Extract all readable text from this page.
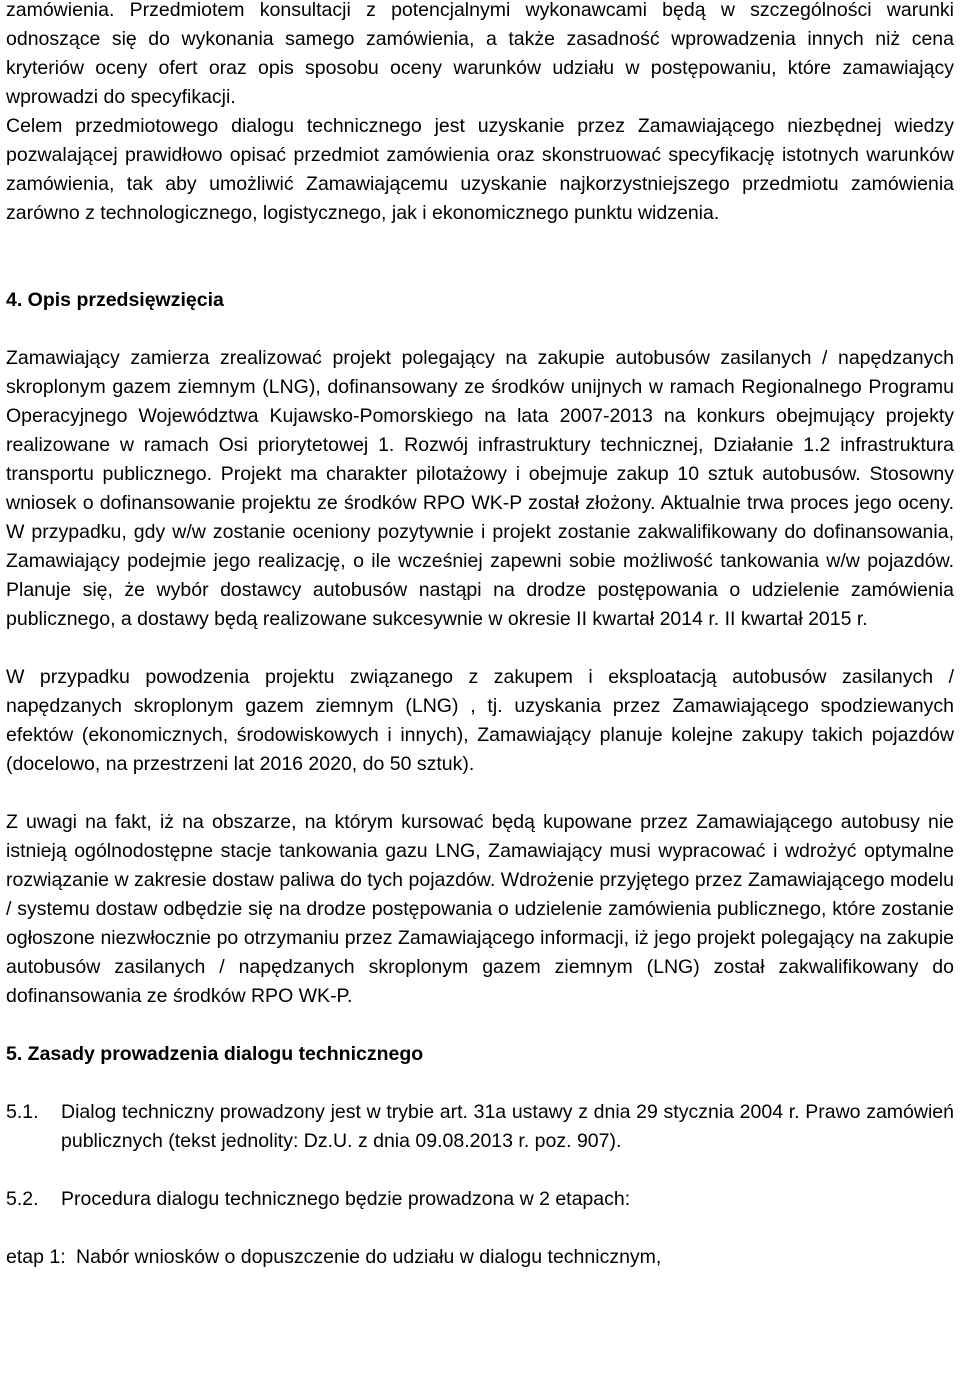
zamówienia. Przedmiotem konsultacji z potencjalnymi wykonawcami będą w szczególności warunki odnoszące się do wykonania samego zamówienia, a także zasadność wprowadzenia innych niż cena kryteriów oceny ofert oraz opis sposobu oceny warunków udziału w postępowaniu, które zamawiający wprowadzi do specyfikacji.

Celem przedmiotowego dialogu technicznego jest uzyskanie przez Zamawiającego niezbędnej wiedzy pozwalającej prawidłowo opisać przedmiot zamówienia oraz skonstruować specyfikację istotnych warunków zamówienia, tak aby umożliwić Zamawiającemu uzyskanie najkorzystniejszego przedmiotu zamówienia zarówno z technologicznego, logistycznego, jak i ekonomicznego punktu widzenia.

4. Opis przedsięwzięcia

Zamawiający zamierza zrealizować projekt polegający na zakupie autobusów zasilanych / napędzanych skroplonym gazem ziemnym (LNG), dofinansowany ze środków unijnych w ramach Regionalnego Programu Operacyjnego Województwa Kujawsko-Pomorskiego na lata 2007-2013 na konkurs obejmujący projekty realizowane w ramach Osi priorytetowej 1. Rozwój infrastruktury technicznej, Działanie 1.2 infrastruktura transportu publicznego. Projekt ma charakter pilotażowy i obejmuje zakup 10 sztuk autobusów. Stosowny wniosek o dofinansowanie projektu ze środków RPO WK-P został złożony. Aktualnie trwa proces jego oceny. W przypadku, gdy w/w zostanie oceniony pozytywnie i projekt zostanie zakwalifikowany do dofinansowania, Zamawiający podejmie jego realizację, o ile wcześniej zapewni sobie możliwość tankowania w/w pojazdów. Planuje się, że wybór dostawcy autobusów nastąpi na drodze postępowania o udzielenie zamówienia publicznego, a dostawy będą realizowane sukcesywnie w okresie II kwartał 2014 r. II kwartał 2015 r.

W przypadku powodzenia projektu związanego z zakupem i eksploatacją autobusów zasilanych / napędzanych skroplonym gazem ziemnym (LNG) , tj. uzyskania przez Zamawiającego spodziewanych efektów (ekonomicznych, środowiskowych i innych), Zamawiający planuje kolejne zakupy takich pojazdów (docelowo, na przestrzeni lat 2016 2020, do 50 sztuk).

Z uwagi na fakt, iż na obszarze, na którym kursować będą kupowane przez Zamawiającego autobusy nie istnieją ogólnodostępne stacje tankowania gazu LNG, Zamawiający musi wypracować i wdrożyć optymalne rozwiązanie w zakresie dostaw paliwa do tych pojazdów. Wdrożenie przyjętego przez Zamawiającego modelu / systemu dostaw odbędzie się na drodze postępowania o udzielenie zamówienia publicznego, które zostanie ogłoszone niezwłocznie po otrzymaniu przez Zamawiającego informacji, iż jego projekt polegający na zakupie autobusów zasilanych / napędzanych skroplonym gazem ziemnym (LNG) został zakwalifikowany do dofinansowania ze środków RPO WK-P.

5. Zasady prowadzenia dialogu technicznego
5.1.	Dialog techniczny prowadzony jest w trybie art. 31a ustawy z dnia 29 stycznia 2004 r. Prawo zamówień publicznych (tekst jednolity: Dz.U. z dnia 09.08.2013 r. poz. 907).
5.2.	Procedura dialogu technicznego będzie prowadzona w 2 etapach:
etap 1: Nabór wniosków o dopuszczenie do udziału w dialogu technicznym,
